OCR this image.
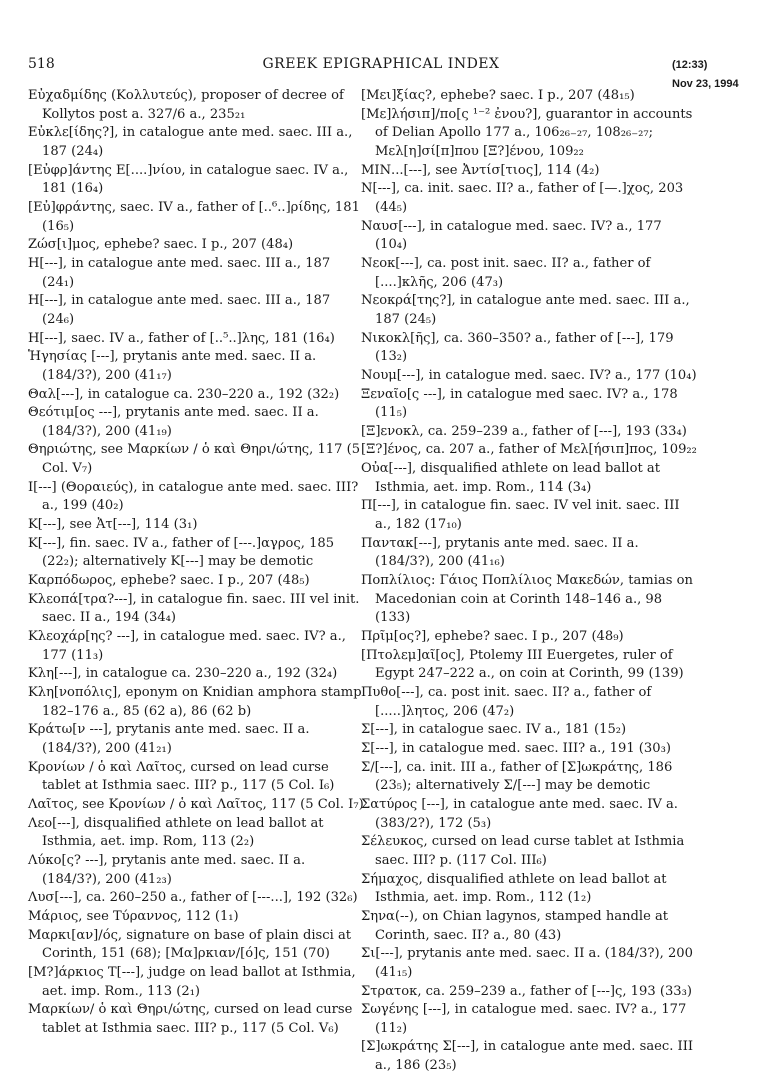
518	GREEK EPIGRAPHICAL INDEX	(12:33)
Nov 23, 1994

Εὐχαδμίδης (Κολλυτεύς), proposer of decree of Kollytos post a. 327/6 a., 235₂₁

Εὐκλε[ίδης?], in catalogue ante med. saec. III a., 187 (24₄)

[Εὐφρ]άντης Ε[....]νίου, in catalogue saec. IV a., 181 (16₄)

[Εὐ]φράντης, saec. IV a., father of [..⁶..]ρίδης, 181 (16₅)

Ζώσ[ι]μος, ephebe? saec. I p., 207 (48₄)

Η[---], in catalogue ante med. saec. III a., 187 (24₁)

Η[---], in catalogue ante med. saec. III a., 187 (24₆)

Η[---], saec. IV a., father of [..⁵..]λης, 181 (16₄)

Ἡγησίας [---], prytanis ante med. saec. II a. (184/3?), 200 (41₁₇)

Θαλ[---], in catalogue ca. 230–220 a., 192 (32₂)

Θεότιμ[ος ---], prytanis ante med. saec. II a. (184/3?), 200 (41₁₉)

Θηριώτης, see Μαρκίων / ὁ καὶ Θηρι/ώτης, 117 (5 Col. V₇)

Ι[---] (Θοραιεύς), in catalogue ante med. saec. III? a., 199 (40₂)

Κ[---], see Ἀτ[---], 114 (3₁)

Κ[---], fin. saec. IV a., father of [---.]αγρος, 185 (22₂); alternatively Κ[---] may be demotic

Καρπόδωρος, ephebe? saec. I p., 207 (48₅)

Κλεοπά[τρα?---], in catalogue fin. saec. III vel init. saec. II a., 194 (34₄)

Κλεοχάρ[ης? ---], in catalogue med. saec. IV? a., 177 (11₃)

Κλη[---], in catalogue ca. 230–220 a., 192 (32₄)

Κλη[νοπόλις], eponym on Knidian amphora stamp 182–176 a., 85 (62 a), 86 (62 b)

Κράτω[ν ---], prytanis ante med. saec. II a. (184/3?), 200 (41₂₁)

Κρονίων / ὁ καὶ Λαῖτος, cursed on lead curse tablet at Isthmia saec. III? p., 117 (5 Col. I₆)

Λαῖτος, see Κρονίων / ὁ καὶ Λαῖτος, 117 (5 Col. I₇)

Λεο[---], disqualified athlete on lead ballot at Isthmia, aet. imp. Rom, 113 (2₂)

Λύκο[ς? ---], prytanis ante med. saec. II a. (184/3?), 200 (41₂₃)

Λυσ[---], ca. 260–250 a., father of [---...], 192 (32₆)

Μάριος, see Τύραννος, 112 (1₁)

Μαρκι[αν]/ός, signature on base of plain disci at Corinth, 151 (68); [Μα]ρκιαν/[ό]ς, 151 (70)

[Μ?]άρκιος Τ[---], judge on lead ballot at Isthmia, aet. imp. Rom., 113 (2₁)

Μαρκίων/ ὁ καὶ Θηρι/ώτης, cursed on lead curse tablet at Isthmia saec. III? p., 117 (5 Col. V₆)

[Μει]ξίας?, ephebe? saec. I p., 207 (48₁₅)

[Με]λήσιπ]/πο[ς ¹⁻² ἐνου?], guarantor in accounts of Delian Apollo 177 a., 106₂₆₋₂₇, 108₂₆₋₂₇; Μελ[η]σί[π]που [Ξ?]ένου, 109₂₂

ΜΙΝ...[---], see Ἀντίσ[τιος], 114 (4₂)

Ν[---], ca. init. saec. II? a., father of [—.]χος, 203 (44₅)

Ναυσ[---], in catalogue med. saec. IV? a., 177 (10₄)

Νεοκ[---], ca. post init. saec. II? a., father of [....]κλῆς, 206 (47₃)

Νεοκρά[της?], in catalogue ante med. saec. III a., 187 (24₅)

Νικοκλ[ῆς], ca. 360–350? a., father of [---], 179 (13₂)

Νουμ[---], in catalogue med. saec. IV? a., 177 (10₄)

Ξεναῖο[ς ---], in catalogue med saec. IV? a., 178 (11₅)

[Ξ]ενοκλ, ca. 259–239 a., father of [---], 193 (33₄)

[Ξ?]ένος, ca. 207 a., father of Μελ[ήσιπ]πος, 109₂₂

Οὐα[---], disqualified athlete on lead ballot at Isthmia, aet. imp. Rom., 114 (3₄)

Π[---], in catalogue fin. saec. IV vel init. saec. III a., 182 (17₁₀)

Παντακ[---], prytanis ante med. saec. II a. (184/3?), 200 (41₁₆)

Ποπλίλιος: Γάιος Ποπλίλιος Μακεδών, tamias on Macedonian coin at Corinth 148–146 a., 98 (133)

Πρῖμ[ος?], ephebe? saec. I p., 207 (48₉)

[Πτολεμ]αῖ[ος], Ptolemy III Euergetes, ruler of Egypt 247–222 a., on coin at Corinth, 99 (139)

Πυθο[---], ca. post init. saec. II? a., father of [.....]λητος, 206 (47₂)

Σ[---], in catalogue saec. IV a., 181 (15₂)

Σ[---], in catalogue med. saec. III? a., 191 (30₃)

Σ/[---], ca. init. III a., father of [Σ]ωκράτης, 186 (23₅); alternatively Σ/[---] may be demotic

Σατύρος [---], in catalogue ante med. saec. IV a. (383/2?), 172 (5₃)

Σέλευκος, cursed on lead curse tablet at Isthmia saec. III? p. (117 Col. III₆)

Σήμαχος, disqualified athlete on lead ballot at Isthmia, aet. imp. Rom., 112 (1₂)

Σηνα(--), on Chian lagynos, stamped handle at Corinth, saec. II? a., 80 (43)

Σι[---], prytanis ante med. saec. II a. (184/3?), 200 (41₁₅)

Στρατοκ, ca. 259–239 a., father of [---]ς, 193 (33₃)

Σωγένης [---], in catalogue med. saec. IV? a., 177 (11₂)

[Σ]ωκράτης Σ[---], in catalogue ante med. saec. III a., 186 (23₅)
